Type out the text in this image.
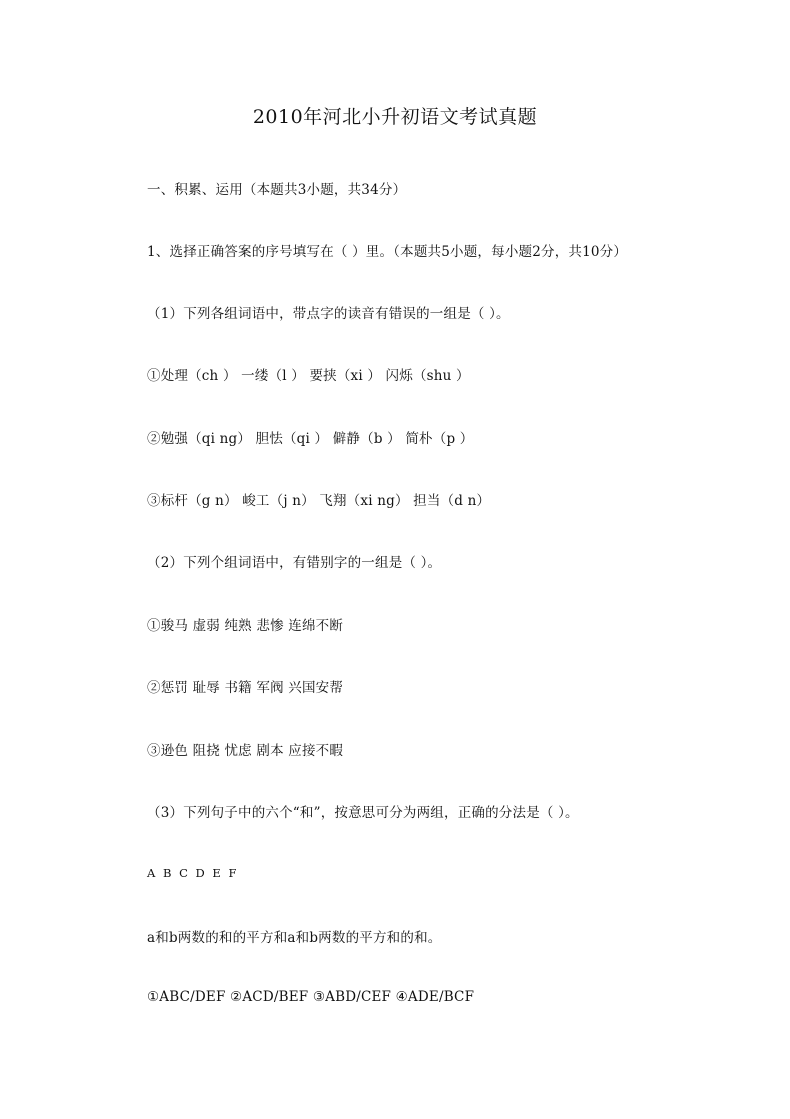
2010年河北小升初语文考试真题
一、积累、运用（本题共3小题，共34分）
1、选择正确答案的序号填写在（ ）里。（本题共5小题，每小题2分，共10分）
（1）下列各组词语中，带点字的读音有错误的一组是（ ）。
①处理（ch ） 一缕（l ） 要挟（xi ） 闪烁（shu ）
②勉强（qi ng） 胆怯（qi ） 僻静（b ） 简朴（p ）
③标杆（g n） 峻工（j n） 飞翔（xi ng） 担当（d n）
（2）下列个组词语中，有错别字的一组是（ ）。
①骏马 虚弱 纯熟 悲惨 连绵不断
②惩罚 耻辱 书籍 军阀 兴国安帮
③逊色 阻挠 忧虑 剧本 应接不暇
（3）下列句子中的六个“和”，按意思可分为两组，正确的分法是（ ）。
A B C D E F
a和b两数的和的平方和a和b两数的平方和的和。
①ABC/DEF ②ACD/BEF ③ABD/CEF ④ADE/BCF
